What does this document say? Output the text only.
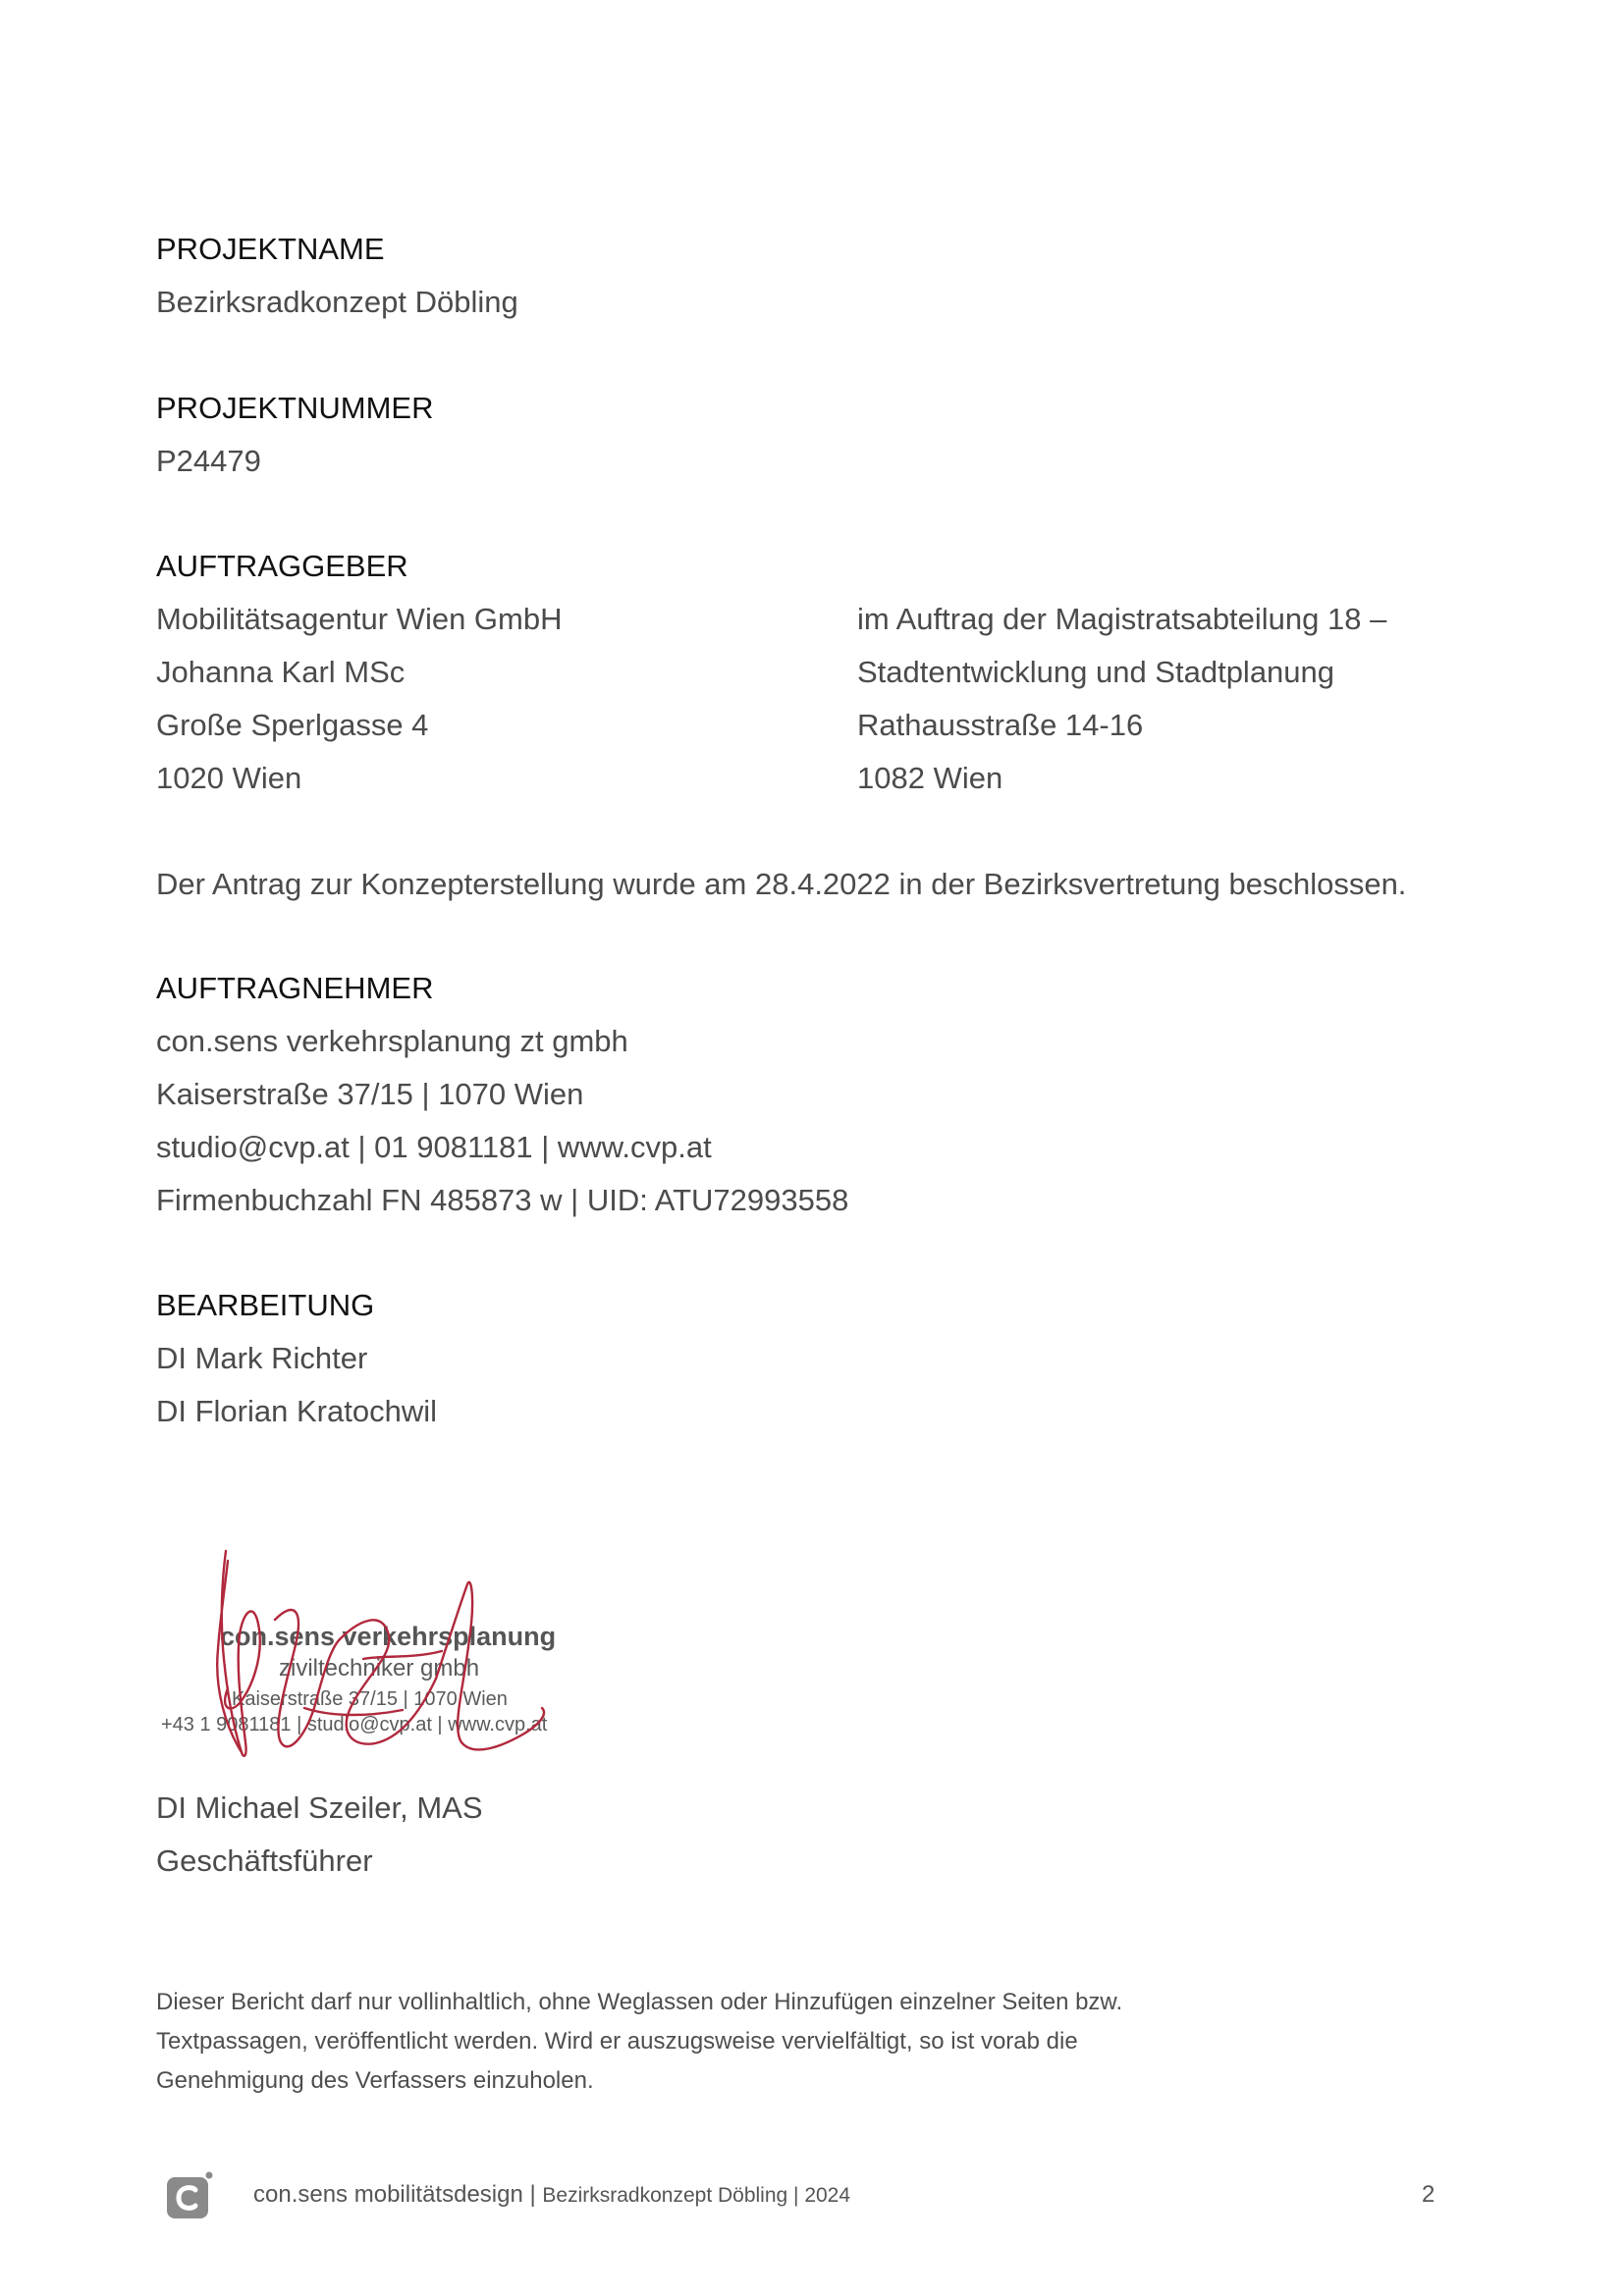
PROJEKTNAME
Bezirksradkonzept Döbling
PROJEKTNUMMER
P24479
AUFTRAGGEBER
Mobilitätsagentur Wien GmbH
Johanna Karl MSc
Große Sperlgasse 4
1020 Wien
im Auftrag der Magistratsabteilung 18 –
Stadtentwicklung und Stadtplanung
Rathausstraße 14-16
1082 Wien
Der Antrag zur Konzepterstellung wurde am 28.4.2022 in der Bezirksvertretung beschlossen.
AUFTRAGNEHMER
con.sens verkehrsplanung zt gmbh
Kaiserstraße 37/15 | 1070 Wien
studio@cvp.at | 01 9081181 | www.cvp.at
Firmenbuchzahl FN 485873 w | UID: ATU72993558
BEARBEITUNG
DI Mark Richter
DI Florian Kratochwil
con.sens verkehrsplanung
ziviltechniker gmbh
Kaiserstraße 37/15 | 1070 Wien
+43 1 9081181 | studio@cvp.at | www.cvp.at
DI Michael Szeiler, MAS
Geschäftsführer
Dieser Bericht darf nur vollinhaltlich, ohne Weglassen oder Hinzufügen einzelner Seiten bzw.
Textpassagen, veröffentlicht werden. Wird er auszugsweise vervielfältigt, so ist vorab die
Genehmigung des Verfassers einzuholen.
con.sens mobilitätsdesign | Bezirksradkonzept Döbling | 2024	2
